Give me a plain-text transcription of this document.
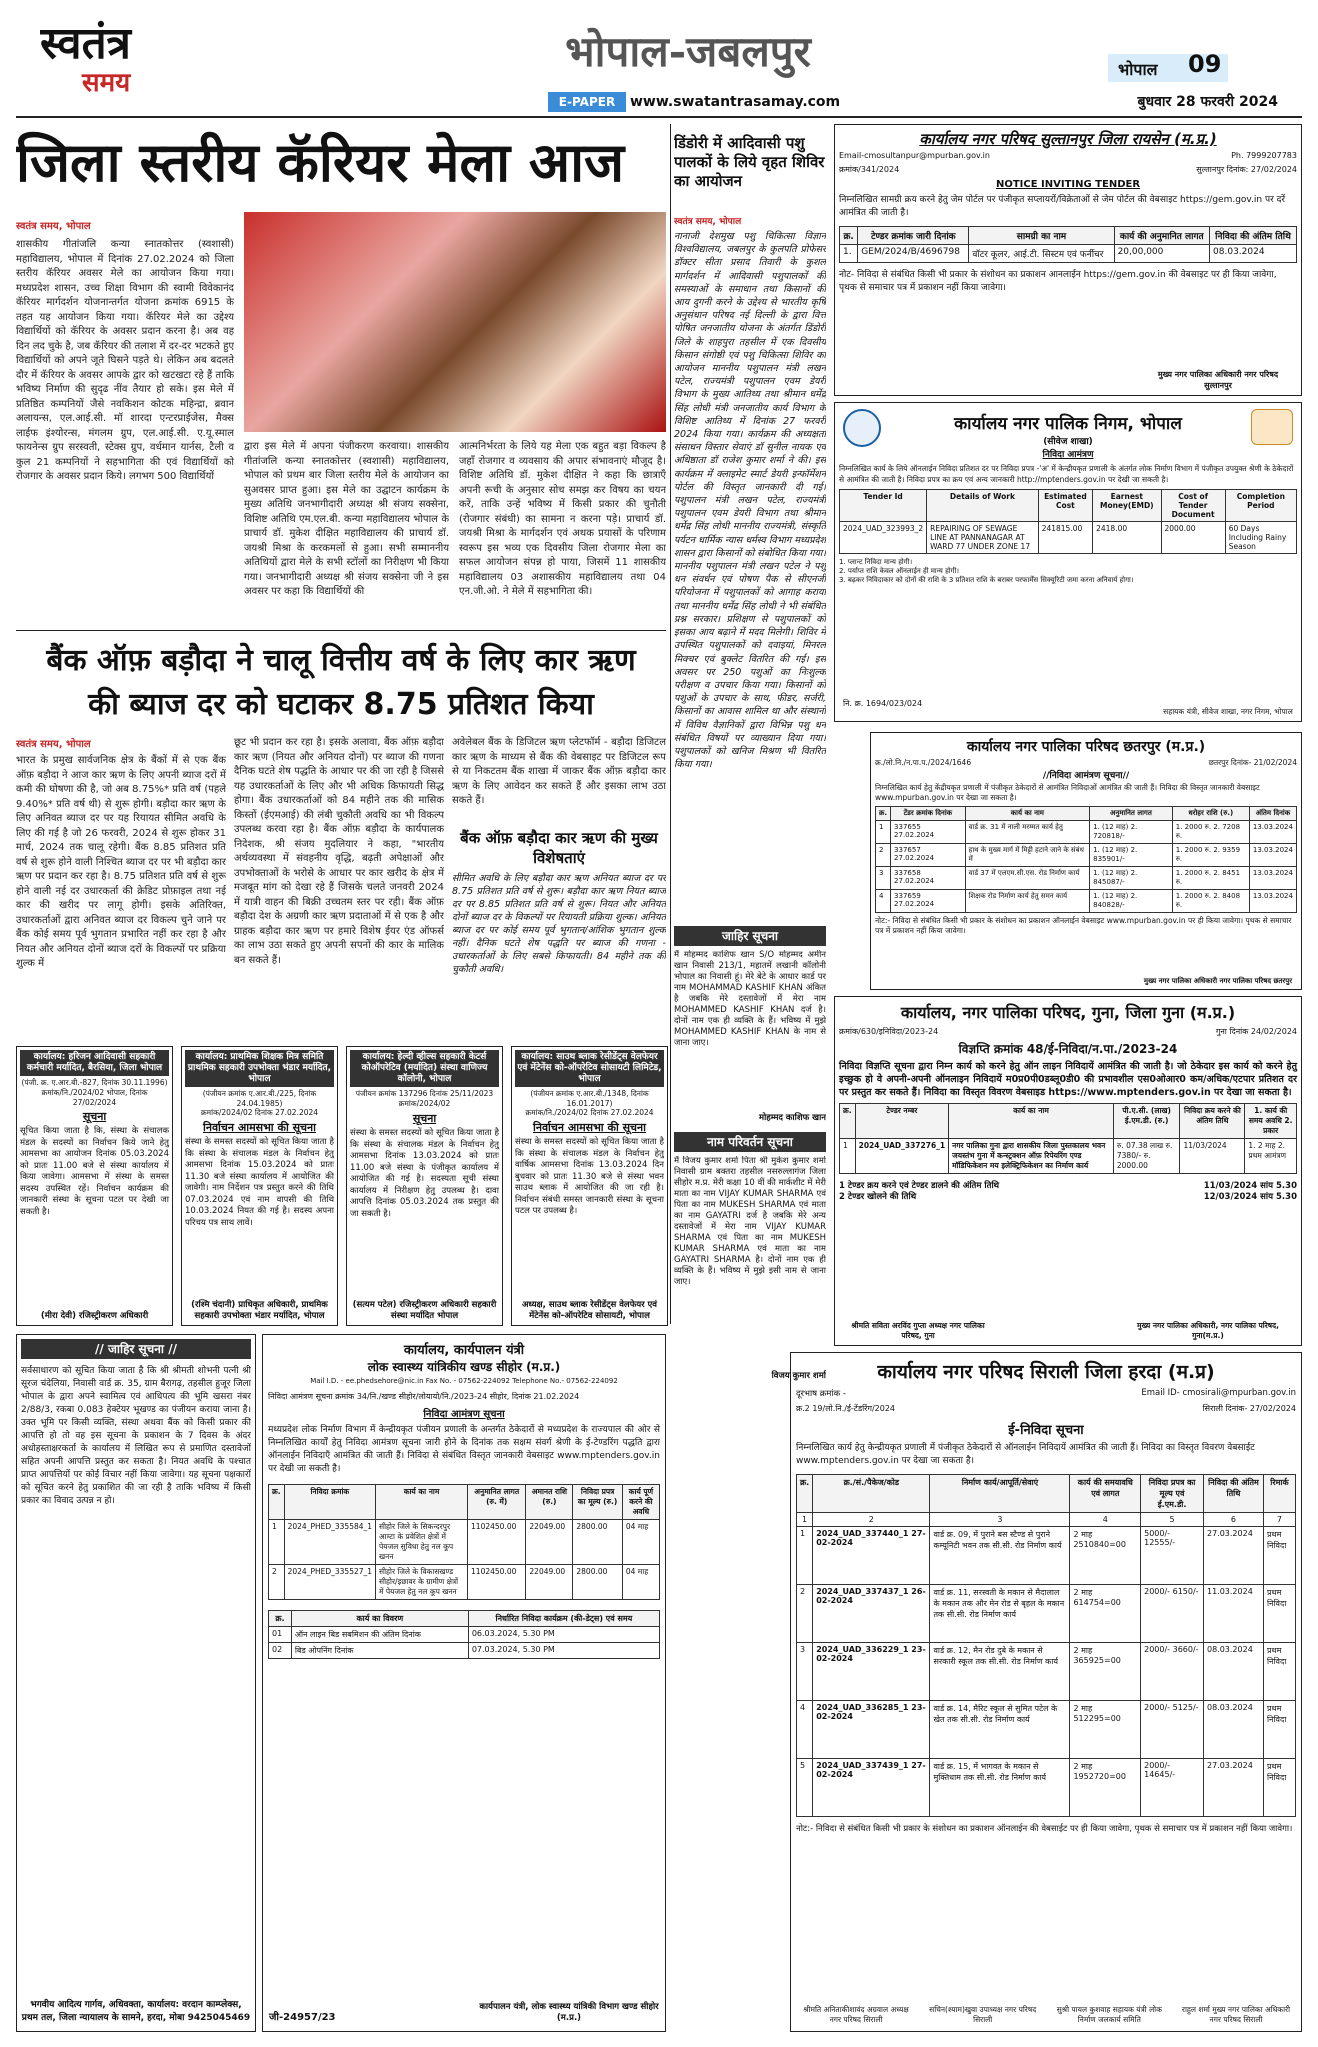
स्वतंत्र
समय
भोपाल-जबलपुर
E-PAPER	www.swatantrasamay.com
भोपाल 09
बुधवार 28 फरवरी 2024
जिला स्तरीय कॅरियर मेला आज
स्वतंत्र समय, भोपाल
शासकीय गीतांजलि कन्या स्नातकोत्तर (स्वशासी) महाविद्यालय, भोपाल में दिनांक 27.02.2024 को जिला स्तरीय कॅरियर अवसर मेले का आयोजन किया गया। मध्यप्रदेश शासन, उच्च शिक्षा विभाग की स्वामी विवेकानंद कॅरियर मार्गदर्शन योजनान्तर्गत योजना क्रमांक 6915 के तहत यह आयोजन किया गया। कॅरियर मेले का उद्देश्य विद्यार्थियों को कॅरियर के अवसर प्रदान करना है। अब वह दिन लद चुके है, जब कॅरियर की तलाश में दर-दर भटकते हुए विद्यार्थियों को अपने जूते घिसने पड़ते थे। लेकिन अब बदलते दौर में कॅरियर के अवसर आपके द्वार को खटखटा रहे हैं ताकि भविष्य निर्माण की सुदृढ नींव तैयार हो सके। इस मेले में प्रतिष्ठित कम्पनियों जैसे नवकिशन कोटक महिन्द्रा, ब्रवान अलायन्स, एल.आई.सी. मॉ शारदा एन्टरप्राईजेस, मैक्स लाईफ इंश्योरन्स, मंगलम ग्रुप, एल.आई.सी. ए.यू.स्माल फायनेन्स ग्रुप सरस्वती, स्टेक्स ग्रुप, वर्धमान यार्नस, टैली व कुल 21 कम्पनियों ने सहभागिता की एवं विद्यार्थियों को रोजगार के अवसर प्रदान किये। लगभग 500 विद्यार्थियों
द्वारा इस मेले में अपना पंजीकरण करवाया। शासकीय गीतांजलि कन्या स्नातकोत्तर (स्वशासी) महाविद्यालय, भोपाल को प्रथम बार जिला स्तरीय मेले के आयोजन का सुअवसर प्राप्त हुआ। इस मेले का उद्घाटन कार्यक्रम के मुख्य अतिथि जनभागीदारी अध्यक्ष श्री संजय सक्सेना, विशिष्ट अतिथि एम.एल.बी. कन्या महाविद्यालय भोपाल के प्राचार्य डॉ. मुकेश दीक्षित महाविद्यालय की प्राचार्य डॉ. जयश्री मिश्रा के करकमलों से हुआ। सभी सम्माननीय अतिथियों द्वारा मेले के सभी स्टॉलों का निरीक्षण भी किया गया। जनभागीदारी अध्यक्ष श्री संजय सक्सेना जी ने इस अवसर पर कहा कि विद्यार्थियों की
आत्मनिर्भरता के लिये यह मेला एक बहुत बड़ा विकल्प है जहाँ रोजगार व व्यवसाय की अपार संभावनाएं मौजूद है। विशिष्ट अतिथि डॉ. मुकेश दीक्षित ने कहा कि छात्राएँ अपनी रूची के अनुसार सोच समझ कर विषय का चयन करें, ताकि उन्हें भविष्य में किसी प्रकार की चुनौती (रोजगार संबंधी) का सामना न करना पड़े। प्राचार्य डॉ. जयश्री मिश्रा के मार्गदर्शन एवं अथक प्रयासों के परिणाम स्वरूप इस भव्य एक दिवसीय जिला रोजगार मेला का सफल आयोजन संपन्न हो पाया, जिसमें 11 शासकीय महाविद्यालय 03 अशासकीय महाविद्यालय तथा 04 एन.जी.ओ. ने मेले में सहभागिता की।
बैंक ऑफ़ बड़ौदा ने चालू वित्तीय वर्ष के लिए कार ऋण
की ब्याज दर को घटाकर 8.75 प्रतिशत किया
स्वतंत्र समय, भोपाल
भारत के प्रमुख सार्वजनिक क्षेत्र के बैंकों में से एक बैंक ऑफ़ बड़ौदा ने आज कार ऋण के लिए अपनी ब्याज दरों में कमी की घोषणा की है, जो अब 8.75%* प्रति वर्ष (पहले 9.40%* प्रति वर्ष थी) से शुरू होगी। बड़ौदा कार ऋण के लिए अनिवत ब्याज दर पर यह रियायत सीमित अवधि के लिए की गई है जो 26 फरवरी, 2024 से शुरू होकर 31 मार्च, 2024 तक चालू रहेगी। बैंक 8.85 प्रतिशत प्रति वर्ष से शुरू होने वाली निश्चित ब्याज दर पर भी बड़ौदा कार ऋण पर प्रदान कर रहा है। 8.75 प्रतिशत प्रति वर्ष से शुरू होने वाली नई दर उधारकर्ता की क्रेडिट प्रोफ़ाइल तथा नई कार की खरीद पर लागू होगी। इसके अतिरिक्त, उधारकर्ताओं द्वारा अनिवत ब्याज दर विकल्प चुने जाने पर बैंक कोई समय पूर्व भुगतान प्रभारित नहीं कर रहा है और नियत और अनियत दोनों ब्याज दरों के विकल्पों पर प्रक्रिया शुल्क में
छूट भी प्रदान कर रहा है। इसके अलावा, बैंक ऑफ़ बड़ौदा कार ऋण (नियत और अनियत दोनों) पर ब्याज की गणना दैनिक घटते शेष पद्धति के आधार पर की जा रही है जिससे यह उधारकर्ताओं के लिए और भी अधिक किफायती सिद्ध होगा। बैंक उधारकर्ताओं को 84 महीने तक की मासिक किस्तों (ईएमआई) की लंबी चुकौती अवधि का भी विकल्प उपलब्ध करवा रहा है। बैंक ऑफ़ बड़ौदा के कार्यपालक निदेशक, श्री संजय मुदलियार ने कहा, "भारतीय अर्थव्यवस्था में संवहनीय वृद्धि, बढ़ती अपेक्षाओं और उपभोक्ताओं के भरोसे के आधार पर कार खरीद के क्षेत्र में मजबूत मांग को देखा रहे हैं जिसके चलते जनवरी 2024 में यात्री वाहन की बिक्री उच्चतम स्तर पर रही। बैंक ऑफ़ बड़ौदा देश के अग्रणी कार ऋण प्रदाताओं में से एक है और ग्राहक बड़ौदा कार ऋण पर हमारे विशेष ईयर एंड ऑफर्स का लाभ उठा सकते हुए अपनी सपनों की कार के मालिक बन सकते हैं।
अवेलेबल बैंक के डिजिटल ऋण प्लेटफॉर्म - बड़ौदा डिजिटल कार ऋण के माध्यम से बैंक की वेबसाइट पर डिजिटल रूप से या निकटतम बैंक शाखा में जाकर बैंक ऑफ़ बड़ौदा कार ऋण के लिए आवेदन कर सकते हैं और इसका लाभ उठा सकते हैं।
बैंक ऑफ़ बड़ौदा कार ऋण की मुख्य विशेषताएं
सीमित अवधि के लिए बड़ौदा कार ऋण अनियत ब्याज दर पर 8.75 प्रतिशत प्रति वर्ष से शुरू। बड़ौदा कार ऋण नियत ब्याज दर पर 8.85 प्रतिशत प्रति वर्ष से शुरू। नियत और अनियत दोनों ब्याज दर के विकल्पों पर रियायती प्रक्रिया शुल्क। अनियत ब्याज दर पर कोई समय पूर्व भुगतान/आंशिक भुगतान शुल्क नहीं। दैनिक घटते शेष पद्धति पर ब्याज की गणना - उधारकर्ताओं के लिए सबसे किफायती। 84 महीने तक की चुकौती अवधि।
डिंडोरी में आदिवासी पशु पालकों के लिये वृहत शिविर का आयोजन
स्वतंत्र समय, भोपाल
नानाजी देशमुख पशु चिकित्सा विज्ञान विश्वविद्यालय, जबलपुर के कुलपति प्रोफेसर डॉक्टर सीता प्रसाद तिवारी के कुशल मार्गदर्शन में आदिवासी पशुपालकों की समस्याओं के समाधान तथा किसानों की आय दुगनी करने के उद्देश्य से भारतीय कृषि अनुसंधान परिषद नई दिल्ली के द्वारा वित्त पोषित जनजातीय योजना के अंतर्गत डिंडोरी जिले के शाहपुरा तहसील में एक दिवसीय किसान संगोष्ठी एवं पशु चिकित्सा शिविर का आयोजन माननीय पशुपालन मंत्री लखन पटेल, राज्यमंत्री पशुपालन एवम डेयरी विभाग के मुख्य आतिथ्य तथा श्रीमान धर्मेद्र सिंह लोधी मंत्री जनजातीय कार्य विभाग के विशिष्ट आतिथ्य में दिनांक 27 फरवरी 2024 किया गया। कार्यक्रम की अध्यक्षता संसाधन विस्तार सेवाएं डॉ सुनील नायक एवं अधिष्ठाता डॉ राजेश कुमार शर्मा ने की। इस कार्यक्रम में क्लाइमेट स्मार्ट डेयरी इन्फॉर्मेशन पोर्टल की विस्तृत जानकारी दी गई। पशुपालन मंत्री लखन पटेल, राज्यमंत्री पशुपालन एवम डेयरी विभाग तथा श्रीमान धर्मेद्र सिंह लोधी माननीय राज्यमंत्री, संस्कृति पर्यटन धार्मिक न्यास धर्मस्व विभाग मध्यप्रदेश शासन द्वारा किसानों को संबोधित किया गया। माननीय पशुपालन मंत्री लखन पटेल ने पशु धन संवर्धन एवं पोषण पैक से सीएनजी परियोजना में पशुपालकों को आगाह कराया तथा माननीय धर्मेद्र सिंह लोधी ने भी संबंधित प्रश्न सरकार। प्रशिक्षण से पशुपालकों को इसका आय बढ़ाने में मदद मिलेगी। शिविर में उपस्थित पशुपालकों को दवाइयां, मिनरल मिक्चर एवं बुक्लेट वितरित की गई। इस अवसर पर 250 पशुओं का निःशुल्क परीक्षण व उपचार किया गया। किसानों को पशुओं के उपचार के साथ, फीडर, सर्जरी, किसानों का आवास शामिल था और संस्थानों में विविध वैज्ञानिकों द्वारा विभिन्न पशु धन संबंधित विषयों पर व्याख्यान दिया गया। पशुपालकों को खनिज मिश्रण भी वितरित किया गया।
जाहिर सूचना
मैं मोहम्मद काशिफ खान S/O मोहम्मद अमीन खान निवासी 213/1, महातमें लखानी कॉलोनी भोपाल का निवासी हूं। मेरे बेटे के आधार कार्ड पर नाम MOHAMMAD KASHIF KHAN अंकित है जबकि मेरे दस्तावेजों में मेरा नाम MOHAMMED KASHIF KHAN दर्ज है। दोनों नाम एक ही व्यक्ति के हैं। भविष्य में मुझे MOHAMMED KASHIF KHAN के नाम से जाना जाए।
मोहम्मद काशिफ खान
नाम परिवर्तन सूचना
मैं विजय कुमार शर्मा पिता श्री मुकेश कुमार शर्मा निवासी ग्राम बक्तरा तहसील नसरुल्लागंज जिला सीहोर म.प्र. मेरी कक्षा 10 वीं की मार्कशीट में मेरी माता का नाम VIJAY KUMAR SHARMA एवं पिता का नाम MUKESH SHARMA एवं माता का नाम GAYATRI दर्ज है जबकि मेरे अन्य दस्तावेजों में मेरा नाम VIJAY KUMAR SHARMA एवं पिता का नाम MUKESH KUMAR SHARMA एवं माता का नाम GAYATRI SHARMA है। दोनों नाम एक ही व्यक्ति के हैं। भविष्य में मुझे इसी नाम से जाना जाए।
विजय कुमार शर्मा
कार्यालय: हरिजन आदिवासी सहकारी कर्मचारी मर्यादित, बैरसिया, जिला भोपाल
(पंजी. क्र. ए.आर.बी.-827, दिनांक 30.11.1996)
क्रमांक/नि./2024/02 भोपाल, दिनांक 27/02/2024
सूचना
सूचित किया जाता है कि, संस्था के संचालक मंडल के सदस्यों का निर्वाचन किये जाने हेतु आमसभा का आयोजन दिनांक 05.03.2024 को प्रातः 11.00 बजे से संस्था कार्यालय में किया जावेगा। आमसभा में संस्था के समस्त सदस्य उपस्थित रहें। निर्वाचन कार्यक्रम की जानकारी संस्था के सूचना पटल पर देखी जा सकती है।
(मीरा देवी) रजिस्ट्रीकरण अधिकारी
कार्यालय: प्राथमिक शिक्षक मित्र समिति प्राथमिक सहकारी उपभोक्ता भंडार मर्यादित, भोपाल
(पंजीयन क्रमांक ए.आर.बी./225, दिनांक 24.04.1985)
क्रमांक/2024/02 दिनांक 27.02.2024
निर्वाचन आमसभा की सूचना
संस्था के समस्त सदस्यों को सूचित किया जाता है कि संस्था के संचालक मंडल के निर्वाचन हेतु आमसभा दिनांक 15.03.2024 को प्रातः 11.30 बजे संस्था कार्यालय में आयोजित की जावेगी। नाम निर्देशन पत्र प्रस्तुत करने की तिथि 07.03.2024 एवं नाम वापसी की तिथि 10.03.2024 नियत की गई है। सदस्य अपना परिचय पत्र साथ लावें।
(रश्मि चंदानी) प्राधिकृत अधिकारी, प्राथमिक सहकारी उपभोक्ता भंडार मर्यादित, भोपाल
कार्यालय: हेल्दी व्हील्स सहकारी केटर्स कोऑपरेटिव (मर्यादित) संस्था वाणिज्य कॉलोनी, भोपाल
पंजीयन क्रमांक 137296 दिनांक 25/11/2023
क्रमांक/2024/02
सूचना
संस्था के समस्त सदस्यों को सूचित किया जाता है कि संस्था के संचालक मंडल के निर्वाचन हेतु आमसभा दिनांक 13.03.2024 को प्रातः 11.00 बजे संस्था के पंजीकृत कार्यालय में आयोजित की गई है। सदस्यता सूची संस्था कार्यालय में निरीक्षण हेतु उपलब्ध है। दावा आपत्ति दिनांक 05.03.2024 तक प्रस्तुत की जा सकती है।
(सत्यम पटेल) रजिस्ट्रीकरण अधिकारी सहकारी संस्था मर्यादित भोपाल
कार्यालय: साउथ ब्लाक रेसीडेंट्स वेलफेयर एवं मेंटेनेंस को-ऑपरेटिव सोसायटी लिमिटेड, भोपाल
(पंजीयन क्रमांक ए.आर.बी./1348, दिनांक 16.01.2017)
क्रमांक/नि./2024/02 दिनांक 27.02.2024
निर्वाचन आमसभा की सूचना
संस्था के समस्त सदस्यों को सूचित किया जाता है कि संस्था के संचालक मंडल के निर्वाचन हेतु वार्षिक आमसभा दिनांक 13.03.2024 दिन बुधवार को प्रातः 11.30 बजे से संस्था भवन साउथ ब्लाक में आयोजित की जा रही है। निर्वाचन संबंधी समस्त जानकारी संस्था के सूचना पटल पर उपलब्ध है।
अध्यक्ष, साउथ ब्लाक रेसीडेंट्स वेलफेयर एवं मेंटेनेंस को-ऑपरेटिव सोसायटी, भोपाल
// जाहिर सूचना //
सर्वसाधारण को सूचित किया जाता है कि श्री श्रीमती शोभनी पत्नी श्री सूरज चंदेलिया, निवासी वार्ड क्र. 35, ग्राम बैरागढ़, तहसील हुजूर जिला भोपाल के द्वारा अपने स्वामित्व एवं आधिपत्य की भूमि खसरा नंबर 2/88/3, रकबा 0.083 हेक्टेयर भूखण्ड का पंजीयन कराया जाना है। उक्त भूमि पर किसी व्यक्ति, संस्था अथवा बैंक को किसी प्रकार की आपत्ति हो तो वह इस सूचना के प्रकाशन के 7 दिवस के अंदर अधोहस्ताक्षरकर्ता के कार्यालय में लिखित रूप से प्रमाणित दस्तावेजों सहित अपनी आपत्ति प्रस्तुत कर सकता है। नियत अवधि के पश्चात प्राप्त आपत्तियों पर कोई विचार नहीं किया जावेगा। यह सूचना पक्षकारों को सूचित करने हेतु प्रकाशित की जा रही है ताकि भविष्य में किसी प्रकार का विवाद उत्पन्न न हो।
भगवीय आदित्य गार्गव, अधिवक्ता, कार्यालय: वरदान काम्प्लेक्स, प्रथम तल, जिला न्यायालय के सामने, हरदा, मोबा 9425045469
कार्यालय, कार्यपालन यंत्री
लोक स्वास्थ्य यांत्रिकीय खण्ड सीहोर (म.प्र.)
Mail I.D. - ee.phedsehore@nic.in Fax No. - 07562-224092 Telephone No.- 07562-224092
निविदा आमंत्रण सूचना क्रमांक 34/नि./खण्ड सीहोर/लोयायो/नि./2023-24 सीहोर, दिनांक 21.02.2024
निविदा आमंत्रण सूचना
मध्यप्रदेश लोक निर्माण विभाग में केन्द्रीयकृत पंजीयन प्रणाली के अन्तर्गत ठेकेदारों से मध्यप्रदेश के राज्यपाल की ओर से निम्नलिखित कार्यों हेतु निविदा आमंत्रण सूचना जारी होने के दिनांक तक सक्षम संवर्ग श्रेणी के ई-टेण्डरिंग पद्धति द्वारा ऑनलाईन निविदाएँ आमंत्रित की जाती हैं। निविदा से संबंधित विस्तृत जानकारी वेबसाइट www.mptenders.gov.in पर देखी जा सकती है।
क्र.	निविदा क्रमांक	कार्य का नाम	अनुमानित लागत (रु. में)	अमानत राशि (रु.)	निविदा प्रपत्र का मूल्य (रु.)	कार्य पूर्ण करने की अवधि
1	2024_PHED_335584_1	सीहोर जिले के सिकन्दरपुर आम्टा के प्रवेशित क्षेत्रों में पेयजल सुविधा हेतु नल कूप खनन	1102450.00	22049.00	2800.00	04 माह
2	2024_PHED_335527_1	सीहोर जिले के विकासखण्ड सीहोर/इछावर के ग्रामीण क्षेत्रों में पेयजल हेतु नल कूप खनन	1102450.00	22049.00	2800.00	04 माह
क्र.	कार्य का विवरण	निर्धारित निविदा कार्यक्रम (की-डेट्स) एवं समय
01	ऑन लाइन बिड सबमिशन की अंतिम दिनांक	06.03.2024, 5.30 PM
02	बिड ओपनिंग दिनांक	07.03.2024, 5.30 PM
जी-24957/23
कार्यपालन यंत्री, लोक स्वास्थ्य यांत्रिकी विभाग खण्ड सीहोर (म.प्र.)
कार्यालय नगर परिषद सुल्तानपुर जिला रायसेन (म.प्र.)
Email-cmosultanpur@mpurban.gov.in	Ph. 7999207783
क्रमांक/341/2024	सुल्तानपुर दिनांक: 27/02/2024
NOTICE INVITING TENDER
निम्नलिखित सामग्री क्रय करने हेतु जेम पोर्टल पर पंजीकृत सप्लायरों/विक्रेताओं से जेम पोर्टल की वेबसाइट https://gem.gov.in पर दरें आमंत्रित की जाती है।
क्र.	टेण्डर क्रमांक जारी दिनांक	सामग्री का नाम	कार्य की अनुमानित लागत	निविदा की अंतिम तिथि
1.	GEM/2024/B/4696798	वॉटर कूलर, आई.टी. सिस्टम एवं फर्नीचर	20,00,000	08.03.2024
नोट- निविदा से संबंधित किसी भी प्रकार के संशोधन का प्रकाशन आनलाईन https://gem.gov.in की वेबसाइट पर ही किया जावेगा, पृथक से समाचार पत्र में प्रकाशन नहीं किया जावेगा।
मुख्य नगर पालिका अधिकारी नगर परिषद सुल्तानपुर
कार्यालय नगर पालिक निगम, भोपाल
(सीवेज शाखा)
निविदा आमंत्रण
निम्नलिखित कार्य के लिये ऑनलाईन निविदा प्रतिशत दर पर निविदा प्रपत्र -'अ' में केन्द्रीयकृत प्रणाली के अंतर्गत लोक निर्माण विभाग में पंजीकृत उपयुक्त श्रेणी के ठेकेदारों से आमंत्रित की जाती है। निविदा प्रपत्र का क्रय एवं अन्य जानकारी http://mptenders.gov.in पर देखी जा सकती है।
Tender Id	Details of Work	Estimated Cost	Earnest Money(EMD)	Cost of Tender Document	Completion Period
2024_UAD_323993_2	REPAIRING OF SEWAGE LINE AT PANNANAGAR AT WARD 77 UNDER ZONE 17	241815.00	2418.00	2000.00	60 Days Including Rainy Season
1. प्लान्ट निविदा मान्य होगी।
2. पर्याप्त राशि केवल ऑनलाईन ही मान्य होगी।
3. बढ़कर निविदाकार को दोनों की राशि के 3 प्रतिशत राशि के बराबर परफार्मेंस सिक्यूरिटी जमा करना अनिवार्य होगा।
नि. क्र. 1694/023/024
सहायक यंत्री, सीवेज शाखा, नगर निगम, भोपाल
कार्यालय नगर पालिका परिषद छतरपुर (म.प्र.)
क्र./लो.नि./न.पा.प./2024/1646	छतरपुर दिनांक- 21/02/2024
//निविदा आमंत्रण सूचना//
निम्नलिखित कार्य हेतु केंद्रीयकृत प्रणाली में पंजीकृत ठेकेदारों से आमंत्रित निविदाओं आमंत्रित की जाती हैं। निविदा की विस्तृत जानकारी वेबसाइट www.mpurban.gov.in पर देखा जा सकता है।
क्र.	टेंडर क्रमांक दिनांक	कार्य का नाम	अनुमानित लागत	धरोहर राशि (रु.)	अंतिम दिनांक
1	337655 27.02.2024	वार्ड क्र. 31 में नाली मरम्मत कार्य हेतु	1. (12 माह) 2. 720818/-	1. 2000 रु. 2. 7208 रु.	13.03.2024
2	337657 27.02.2024	हाथ के मुख्य मार्ग में मिट्टी हटाने जाने के संबंध में	1. (12 माह) 2. 835901/-	1. 2000 रु. 2. 9359 रु.	13.03.2024
3	337658 27.02.2024	वार्ड 37 में एलएम.सी.एस. रोड निर्माण कार्य	1. (12 माह) 2. 845087/-	1. 2000 रु. 2. 8451 रु.	13.03.2024
4	337659 27.02.2024	शिक्षक रोड निर्माण कार्य हेतु समन कार्य	1. (12 माह) 2. 840828/-	1. 2000 रु. 2. 8408 रु.	13.03.2024
नोट:- निविदा से संबंधित किसी भी प्रकार के संशोधन का प्रकाशन ऑनलाईन वेबसाइट www.mpurban.gov.in पर ही किया जावेगा। पृथक से समाचार पत्र में प्रकाशन नहीं किया जावेगा।
मुख्य नगर पालिका अधिकारी नगर पालिका परिषद छतरपुर
कार्यालय, नगर पालिका परिषद, गुना, जिला गुना (म.प्र.)
क्रमांक/630/इनिविदा/2023-24	गुना दिनांक 24/02/2024
विज्ञप्ति क्रमांक 48/ई-निविदा/न.पा./2023-24
निविदा विज्ञप्ति सूचना द्वारा निम्न कार्य को करने हेतु ऑन लाइन निविदायें आमंत्रित की जाती है। जो ठेकेदार इस कार्य को करने हेतु इच्छुक हो वे अपनी-अपनी ऑनलाइन निविदायें म0प्र0पी0डब्लू0डी0 की प्रभावशील एस0ओआर0 कम/अधिक/एटपार प्रतिशत दर पर प्रस्तुत कर सकते हैं। निविदा का विस्तृत विवरण वेबसाइड https://www.mptenders.gov.in पर देखा जा सकता है।
क्र.	टेण्डर नम्बर	कार्य का नाम	पी.ए.सी. (लाख) ई.एम.डी. (रु.)	निविदा क्रय करने की अंतिम तिथि	1. कार्य की समय अवधि 2. प्रकार
1	2024_UAD_337276_1	नगर पालिका गुना द्वारा शासकीय जिला पुस्तकालय भवन जयस्तंभ गुना में कन्स्ट्रक्शन ऑफ़ रिपेयरिंग एण्ड मॉडिफिकेशन मय इलेक्ट्रिफिकेशन का निर्माण कार्य	रु. 07.38 लाख रु. 7380/- रु. 2000.00	11/03/2024	1. 2 माह 2. प्रथम आमंत्रण
1 टेण्डर क्रय करने एवं टेण्डर डालने की अंतिम तिथि	11/03/2024 सांय 5.30
2 टेण्डर खोलने की तिथि	12/03/2024 सांय 5.30
श्रीमति सविता अरविंद गुप्ता अध्यक्ष नगर पालिका परिषद, गुना
मुख्य नगर पालिका अधिकारी, नगर पालिका परिषद, गुना(म.प्र.)
कार्यालय नगर परिषद सिराली जिला हरदा (म.प्र)
दूरभाष क्रमांक -	Email ID- cmosirali@mpurban.gov.in
क्र.2 19/लो.नि./ई-टेंडरिंग/2024	सिराली दिनांक- 27/02/2024
ई-निविदा सूचना
निम्नलिखित कार्य हेतु केन्द्रीयकृत प्रणाली में पंजीकृत ठेकेदारों से ऑनलाईन निविदायें आमंत्रित की जाती हैं। निविदा का विस्तृत विवरण वेबसाईट www.mptenders.gov.in पर देखा जा सकता है।
क्र.	क्र./सं./पैकेज/कोड	निर्माण कार्य/आपूर्ति/सेवाएं	कार्य की समयावधि एवं लागत	निविदा प्रपत्र का मूल्य एवं ई.एम.डी.	निविदा की अंतिम तिथि	रिमार्क
1	2	3	4	5	6	7
1	2024_UAD_337440_1 27-02-2024	वार्ड क्र. 09, में पुराने बस स्टैण्ड से पुराने कम्यूनिटी भवन तक सी.सी. रोड निर्माण कार्य	2 माह 2510840=00	5000/- 12555/-	27.03.2024	प्रथम निविदा
2	2024_UAD_337437_1 26-02-2024	वार्ड क्र. 11, सरस्वती के मकान से मैदालाल के मकान तक और मेन रोड से बृहल के मकान तक सी.सी. रोड निर्माण कार्य	2 माह 614754=00	2000/- 6150/-	11.03.2024	प्रथम निविदा
3	2024_UAD_336229_1 23-02-2024	वार्ड क्र. 12, मैन रोड दुबे के मकान से सरकारी स्कूल तक सी.सी. रोड निर्माण कार्य	2 माह 365925=00	2000/- 3660/-	08.03.2024	प्रथम निविदा
4	2024_UAD_336285_1 23-02-2024	वार्ड क्र. 14, मैरिट स्कूल से सुमित पटेल के खेत तक सी.सी. रोड निर्माण कार्य	2 माह 512295=00	2000/- 5125/-	08.03.2024	प्रथम निविदा
5	2024_UAD_337439_1 27-02-2024	वार्ड क्र. 15, में भागवत के मकान से मुक्तिधाम तक सी.सी. रोड निर्माण कार्य	2 माह 1952720=00	2000/- 14645/-	27.03.2024	प्रथम निविदा
नोट:- निविदा से संबंधित किसी भी प्रकार के संशोधन का प्रकाशन ऑनलाईन की वेबसाईट पर ही किया जावेगा, पृथक से समाचार पत्र में प्रकाशन नहीं किया जावेगा।
श्रीमति अनिताकीशावंद अग्रवाल अध्यक्ष नगर परिषद सिराली
सचिन(श्याम)खुवा उपाध्यक्ष नगर परिषद सिराली
सुश्री पायल कुशवाह सहायक यंत्री लोक निर्माण जलकार्य समिति
राहुल शर्मा मुख्य नगर पालिका अधिकारी नगर परिषद सिराली
